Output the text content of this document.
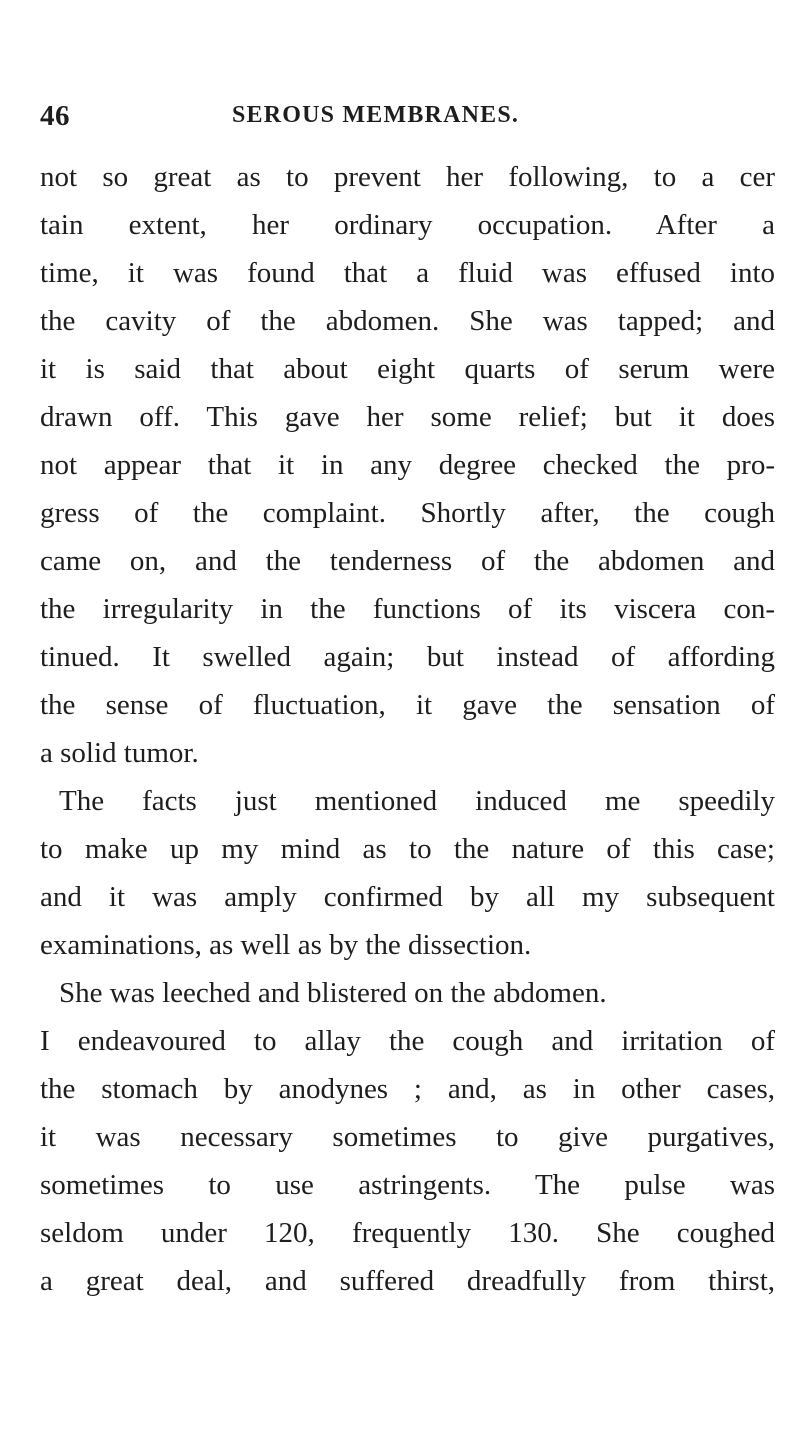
46	SEROUS MEMBRANES.
not so great as to prevent her following, to a cer
tain extent, her ordinary occupation. After a
time, it was found that a fluid was effused into
the cavity of the abdomen. She was tapped; and
it is said that about eight quarts of serum were
drawn off. This gave her some relief; but it does
not appear that it in any degree checked the pro-
gress of the complaint. Shortly after, the cough
came on, and the tenderness of the abdomen and
the irregularity in the functions of its viscera con-
tinued. It swelled again; but instead of affording
the sense of fluctuation, it gave the sensation of
a solid tumor.
The facts just mentioned induced me speedily
to make up my mind as to the nature of this case;
and it was amply confirmed by all my subsequent
examinations, as well as by the dissection.
She was leeched and blistered on the abdomen.
I endeavoured to allay the cough and irritation of
the stomach by anodynes ; and, as in other cases,
it was necessary sometimes to give purgatives,
sometimes to use astringents. The pulse was
seldom under 120, frequently 130. She coughed
a great deal, and suffered dreadfully from thirst,
